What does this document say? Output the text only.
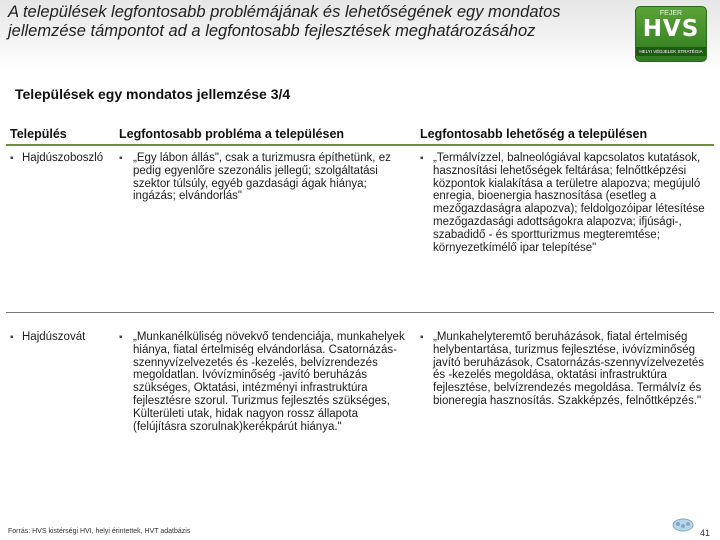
A települések legfontosabb problémájának és lehetőségének egy mondatos jellemzése támpontot ad a legfontosabb fejlesztések meghatározásához
FEJER
HVS
HELYI VÉDJELEK STRATÉGIA
Települések egy mondatos jellemzése 3/4
Település	Legfontosabb probléma a településen	Legfontosabb lehetőség a településen
▪ Hajdúszoboszló	▪ „Egy lábon állás", csak a turizmusra építhetünk, ez pedig egyenlőre szezonális jellegű; szolgáltatási szektor túlsúly, egyéb gazdasági ágak hiánya; ingázás; elvándorlás"
▪ „Termálvízzel, balneológiával kapcsolatos kutatások, hasznosítási lehetőségek feltárása; felnőttképzési központok kialakítása a területre alapozva; megújuló enregia, bioenergia hasznosítása (esetleg a mezőgazdaságra alapozva); feldolgozóipar létesítése mezőgazdasági adottságokra alapozva; ifjúsági-, szabadidő - és sportturizmus megteremtése; környezetkímélő ipar telepítése"
▪ Hajdúszovát	▪ „Munkanélküliség növekvő tendenciája, munkahelyek hiánya, fiatal értelmiség elvándorlása. Csatornázás-szennyvízelvezetés és -kezelés, belvízrendezés megoldatlan. Ivóvízminőség -javító beruházás szükséges, Oktatási, intézményi infrastruktúra fejlesztésre szorul. Turizmus fejlesztés szükséges, Külterületi utak, hidak nagyon rossz állapota (felújításra szorulnak)kerékpárút hiánya."
▪ „Munkahelyteremtő beruházások, fiatal értelmiség helybentartása, turizmus fejlesztése, ivóvízminőség javító beruházások, Csatornázás-szennyvízelvezetés és -kezelés megoldása, oktatási infrastruktúra fejlesztése, belvízrendezés megoldása. Termálvíz és bioneregia hasznosítás. Szakképzés, felnőttképzés."
Forrás: HVS kistérségi HVI, helyi érintettek, HVT adatbázis	41
